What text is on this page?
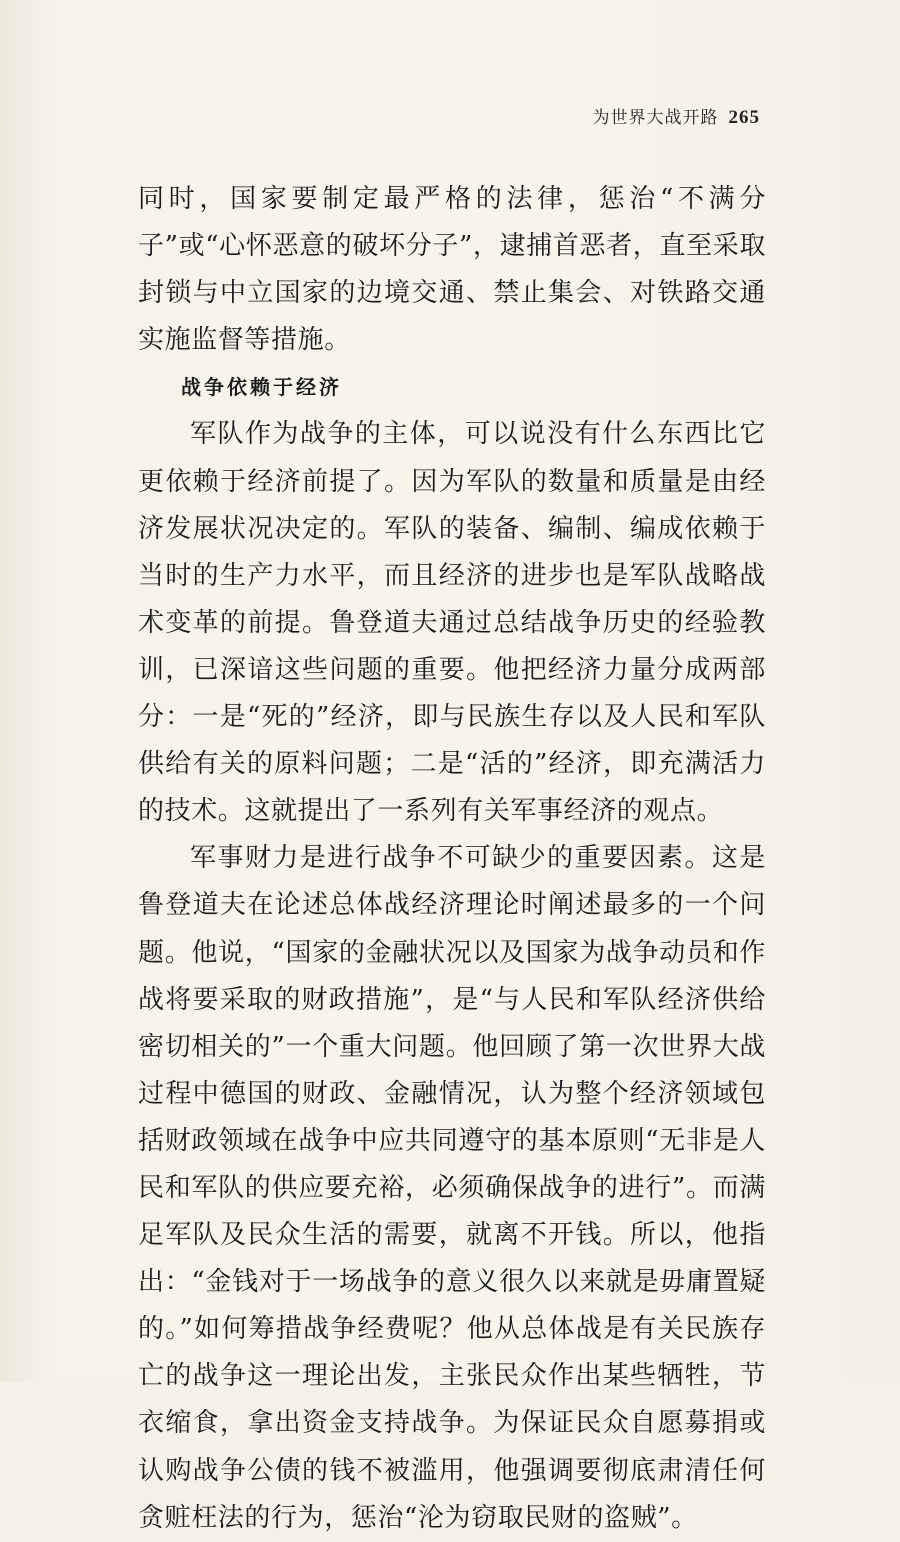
为世界大战开路 265

同时，国家要制定最严格的法律，惩治“不满分子”或“心怀恶意的破坏分子”，逮捕首恶者，直至采取封锁与中立国家的边境交通、禁止集会、对铁路交通实施监督等措施。

战争依赖于经济

军队作为战争的主体，可以说没有什么东西比它更依赖于经济前提了。因为军队的数量和质量是由经济发展状况决定的。军队的装备、编制、编成依赖于当时的生产力水平，而且经济的进步也是军队战略战术变革的前提。鲁登道夫通过总结战争历史的经验教训，已深谙这些问题的重要。他把经济力量分成两部分：一是“死的”经济，即与民族生存以及人民和军队供给有关的原料问题；二是“活的”经济，即充满活力的技术。这就提出了一系列有关军事经济的观点。

军事财力是进行战争不可缺少的重要因素。这是鲁登道夫在论述总体战经济理论时阐述最多的一个问题。他说，“国家的金融状况以及国家为战争动员和作战将要采取的财政措施”，是“与人民和军队经济供给密切相关的”一个重大问题。他回顾了第一次世界大战过程中德国的财政、金融情况，认为整个经济领域包括财政领域在战争中应共同遵守的基本原则“无非是人民和军队的供应要充裕，必须确保战争的进行”。而满足军队及民众生活的需要，就离不开钱。所以，他指出：“金钱对于一场战争的意义很久以来就是毋庸置疑的。”如何筹措战争经费呢？他从总体战是有关民族存亡的战争这一理论出发，主张民众作出某些牺牲，节衣缩食，拿出资金支持战争。为保证民众自愿募捐或认购战争公债的钱不被滥用，他强调要彻底肃清任何贪赃枉法的行为，惩治“沦为窃取民财的盗贼”。
